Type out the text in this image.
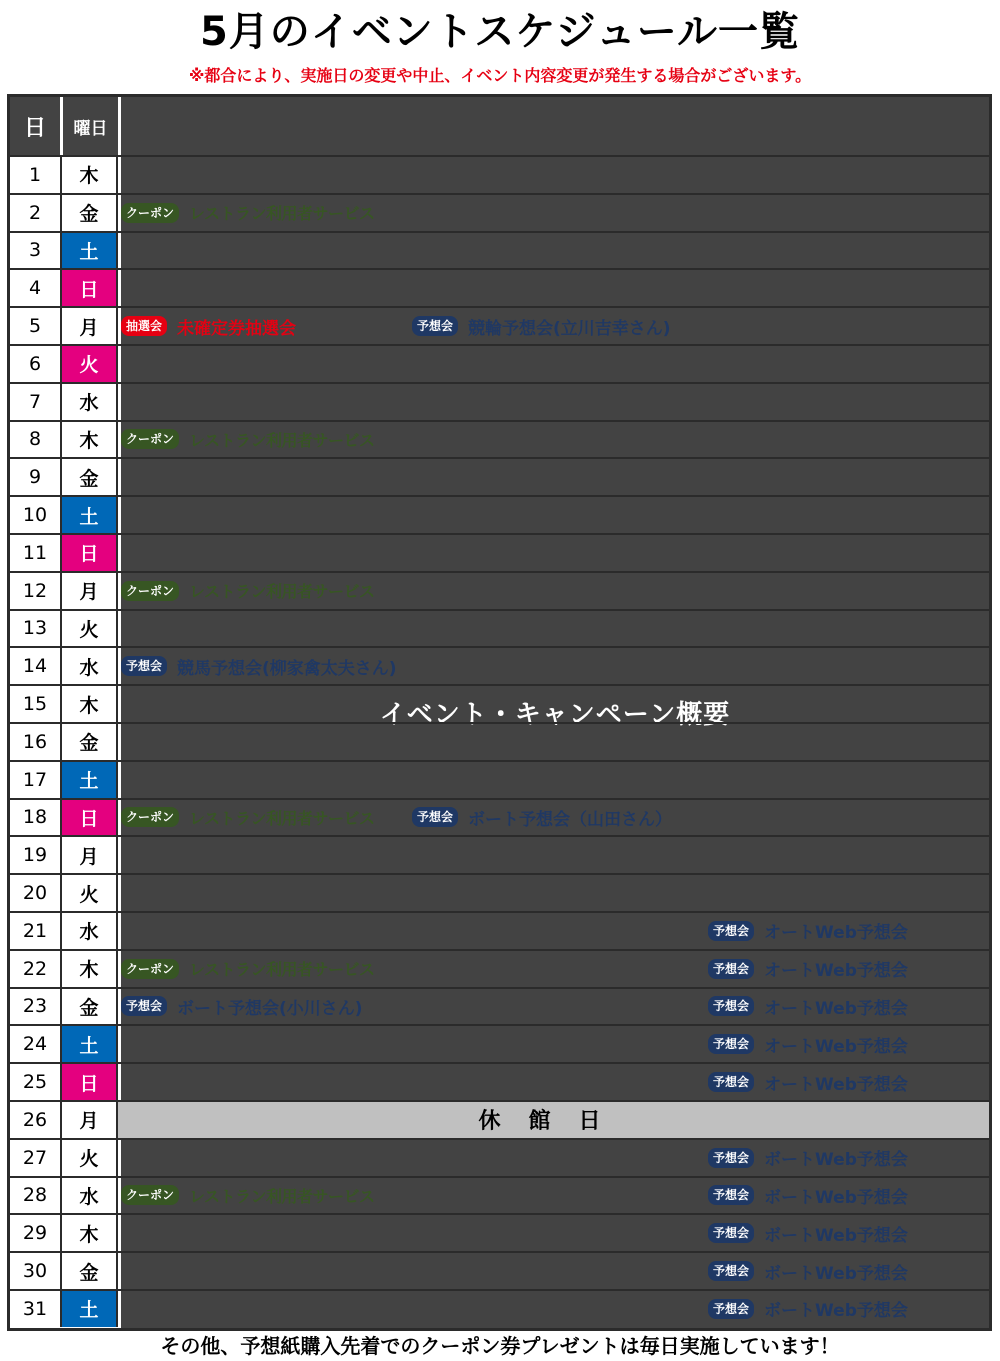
5月のイベントスケジュール一覧
※都合により、実施日の変更や中止、イベント内容変更が発生する場合がございます。
日	曜日
イベント・キャンペーン概要
1	木
2	金	クーポン レストラン利用者サービス
3	土
4	日
5	月	抽選会 未確定券抽選会	予想会 競輪予想会(立川吉幸さん)
6	火
7	水
8	木	クーポン レストラン利用者サービス
9	金
10	土
11	日
12	月	クーポン レストラン利用者サービス
13	火
14	水	予想会 競馬予想会(柳家禽太夫さん)
15	木
16	金
17	土
18	日	クーポン レストラン利用者サービス	予想会 ボート予想会（山田さん）
19	月
20	火
21	水	予想会 オートWeb予想会
22	木	クーポン レストラン利用者サービス	予想会 オートWeb予想会
23	金	予想会 ボート予想会(小川さん)	予想会 オートWeb予想会
24	土	予想会 オートWeb予想会
25	日	予想会 オートWeb予想会
26	月	休館日
27	火	予想会 ボートWeb予想会
28	水	クーポン レストラン利用者サービス	予想会 ボートWeb予想会
29	木	予想会 ボートWeb予想会
30	金	予想会 ボートWeb予想会
31	土	予想会 ボートWeb予想会
その他、予想紙購入先着でのクーポン券プレゼントは毎日実施しています！
